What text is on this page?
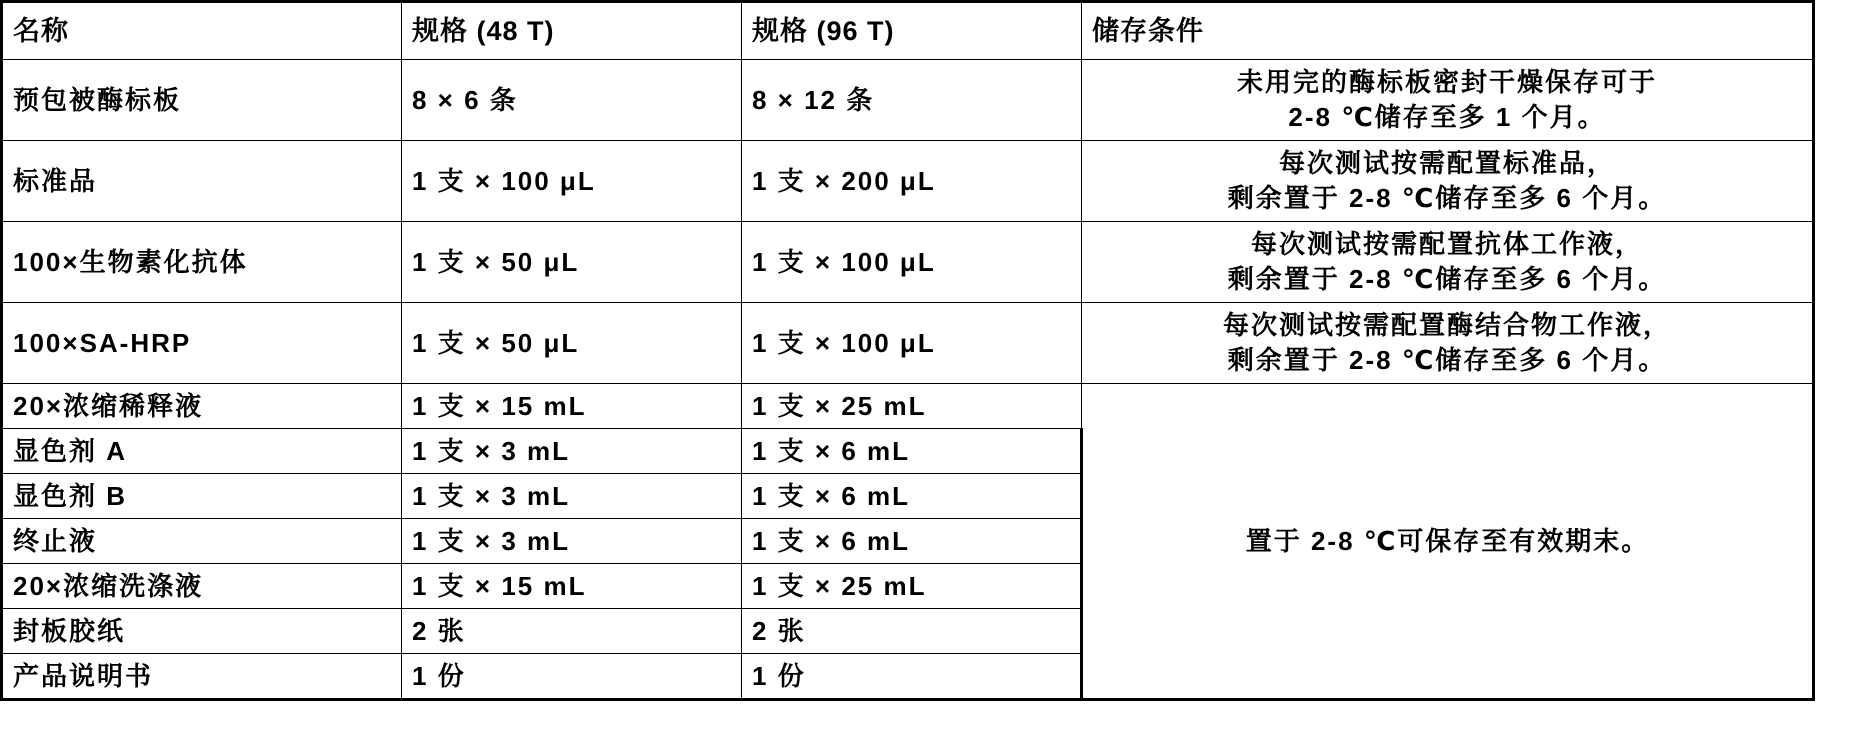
名称	规格 (48 T)	规格 (96 T)	储存条件
预包被酶标板	8 × 6 条	8 × 12 条	未用完的酶标板密封干燥保存可于
2-8 ℃储存至多 1 个月。

标准品	1 支 × 100 μL	1 支 × 200 μL	每次测试按需配置标准品，
剩余置于 2-8 ℃储存至多 6 个月。

100×生物素化抗体	1 支 × 50 μL	1 支 × 100 μL	每次测试按需配置抗体工作液，
剩余置于 2-8 ℃储存至多 6 个月。

100×SA-HRP	1 支 × 50 μL	1 支 × 100 μL	每次测试按需配置酶结合物工作液，
剩余置于 2-8 ℃储存至多 6 个月。

20×浓缩稀释液	1 支 × 15 mL	1 支 × 25 mL	置于 2-8 ℃可保存至有效期末。
显色剂 A	1 支 × 3 mL	1 支 × 6 mL	
显色剂 B	1 支 × 3 mL	1 支 × 6 mL	
终止液	1 支 × 3 mL	1 支 × 6 mL	
20×浓缩洗涤液	1 支 × 15 mL	1 支 × 25 mL	
封板胶纸	2 张	2 张	
产品说明书	1 份	1 份	
